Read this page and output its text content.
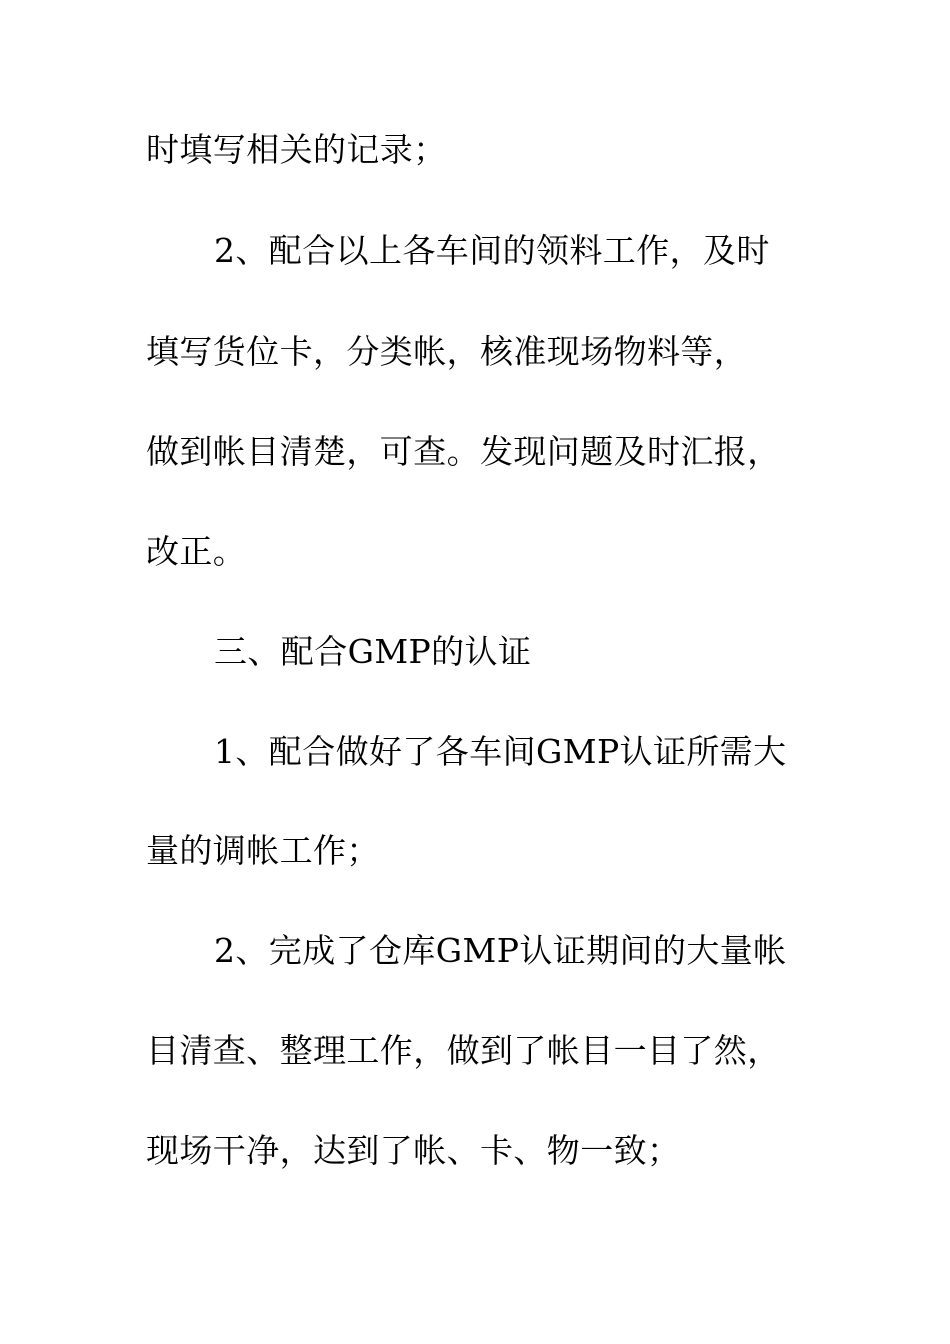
时填写相关的记录；
2、配合以上各车间的领料工作，及时
填写货位卡，分类帐，核准现场物料等，
做到帐目清楚，可查。发现问题及时汇报，
改正。
三、配合GMP的认证
1、配合做好了各车间GMP认证所需大
量的调帐工作；
2、完成了仓库GMP认证期间的大量帐
目清查、整理工作，做到了帐目一目了然，
现场干净，达到了帐、卡、物一致；
